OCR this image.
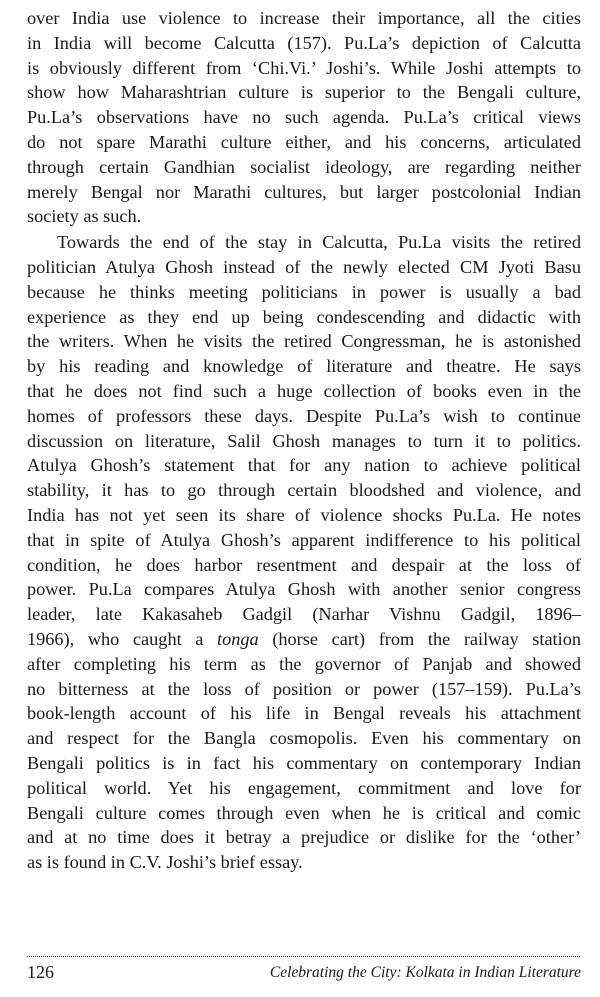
over India use violence to increase their importance, all the cities
in India will become Calcutta (157). Pu.La’s depiction of Calcutta
is obviously different from ‘Chi.Vi.’ Joshi’s. While Joshi attempts to
show how Maharashtrian culture is superior to the Bengali culture,
Pu.La’s observations have no such agenda. Pu.La’s critical views
do not spare Marathi culture either, and his concerns, articulated
through certain Gandhian socialist ideology, are regarding neither
merely Bengal nor Marathi cultures, but larger postcolonial Indian
society as such.

Towards the end of the stay in Calcutta, Pu.La visits the retired
politician Atulya Ghosh instead of the newly elected CM Jyoti Basu
because he thinks meeting politicians in power is usually a bad
experience as they end up being condescending and didactic with
the writers. When he visits the retired Congressman, he is astonished
by his reading and knowledge of literature and theatre. He says
that he does not find such a huge collection of books even in the
homes of professors these days. Despite Pu.La’s wish to continue
discussion on literature, Salil Ghosh manages to turn it to politics.
Atulya Ghosh’s statement that for any nation to achieve political
stability, it has to go through certain bloodshed and violence, and
India has not yet seen its share of violence shocks Pu.La. He notes
that in spite of Atulya Ghosh’s apparent indifference to his political
condition, he does harbor resentment and despair at the loss of
power. Pu.La compares Atulya Ghosh with another senior congress
leader, late Kakasaheb Gadgil (Narhar Vishnu Gadgil, 1896–
1966), who caught a tonga (horse cart) from the railway station
after completing his term as the governor of Panjab and showed
no bitterness at the loss of position or power (157–159). Pu.La’s
book-length account of his life in Bengal reveals his attachment
and respect for the Bangla cosmopolis. Even his commentary on
Bengali politics is in fact his commentary on contemporary Indian
political world. Yet his engagement, commitment and love for
Bengali culture comes through even when he is critical and comic
and at no time does it betray a prejudice or dislike for the ‘other’
as is found in C.V. Joshi’s brief essay.

126	Celebrating the City: Kolkata in Indian Literature
